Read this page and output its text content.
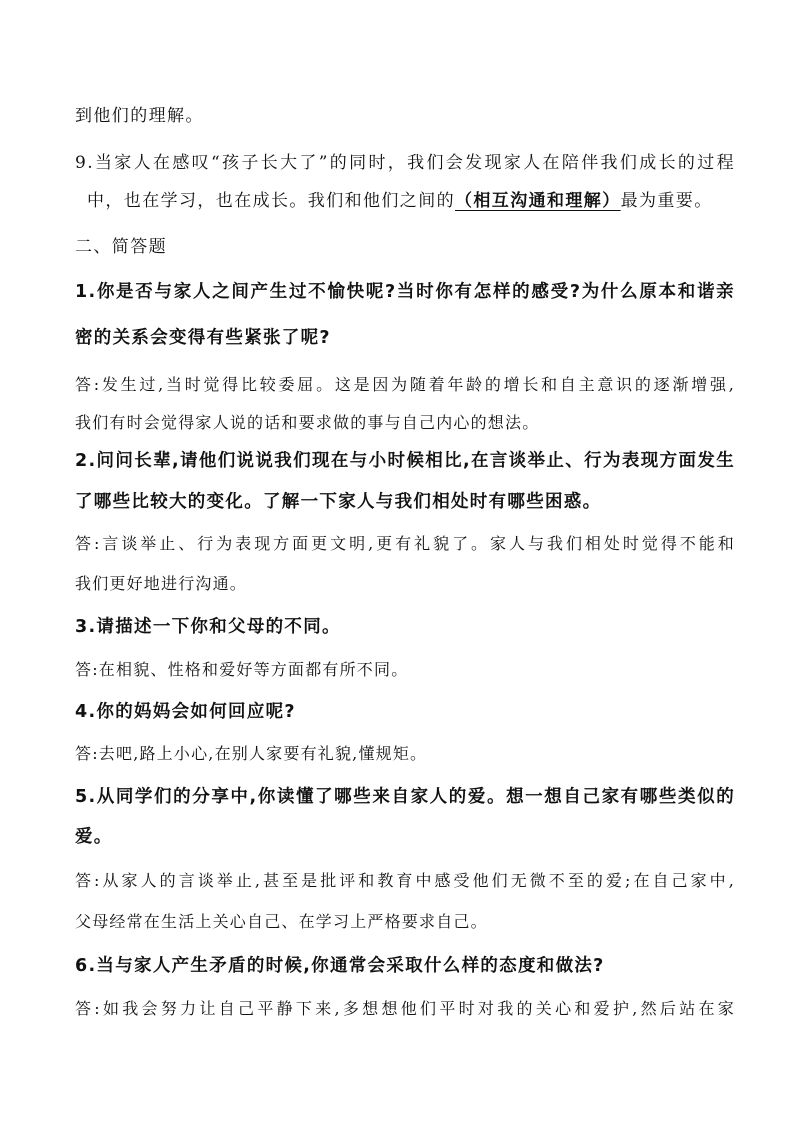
到他们的理解。
9.当家人在感叹“孩子长大了”的同时，我们会发现家人在陪伴我们成长的过程
中，也在学习，也在成长。我们和他们之间的（相互沟通和理解）最为重要。
二、简答题
1.你是否与家人之间产生过不愉快呢?当时你有怎样的感受?为什么原本和谐亲
密的关系会变得有些紧张了呢?
答:发生过,当时觉得比较委屈。这是因为随着年龄的增长和自主意识的逐渐增强,
我们有时会觉得家人说的话和要求做的事与自己内心的想法。
2.问问长辈,请他们说说我们现在与小时候相比,在言谈举止、行为表现方面发生
了哪些比较大的变化。了解一下家人与我们相处时有哪些困惑。
答:言谈举止、行为表现方面更文明,更有礼貌了。家人与我们相处时觉得不能和
我们更好地进行沟通。
3.请描述一下你和父母的不同。
答:在相貌、性格和爱好等方面都有所不同。
4.你的妈妈会如何回应呢?
答:去吧,路上小心,在别人家要有礼貌,懂规矩。
5.从同学们的分享中,你读懂了哪些来自家人的爱。想一想自己家有哪些类似的
爱。
答:从家人的言谈举止,甚至是批评和教育中感受他们无微不至的爱;在自己家中,
父母经常在生活上关心自己、在学习上严格要求自己。
6.当与家人产生矛盾的时候,你通常会采取什么样的态度和做法?
答:如我会努力让自己平静下来,多想想他们平时对我的关心和爱护,然后站在家
